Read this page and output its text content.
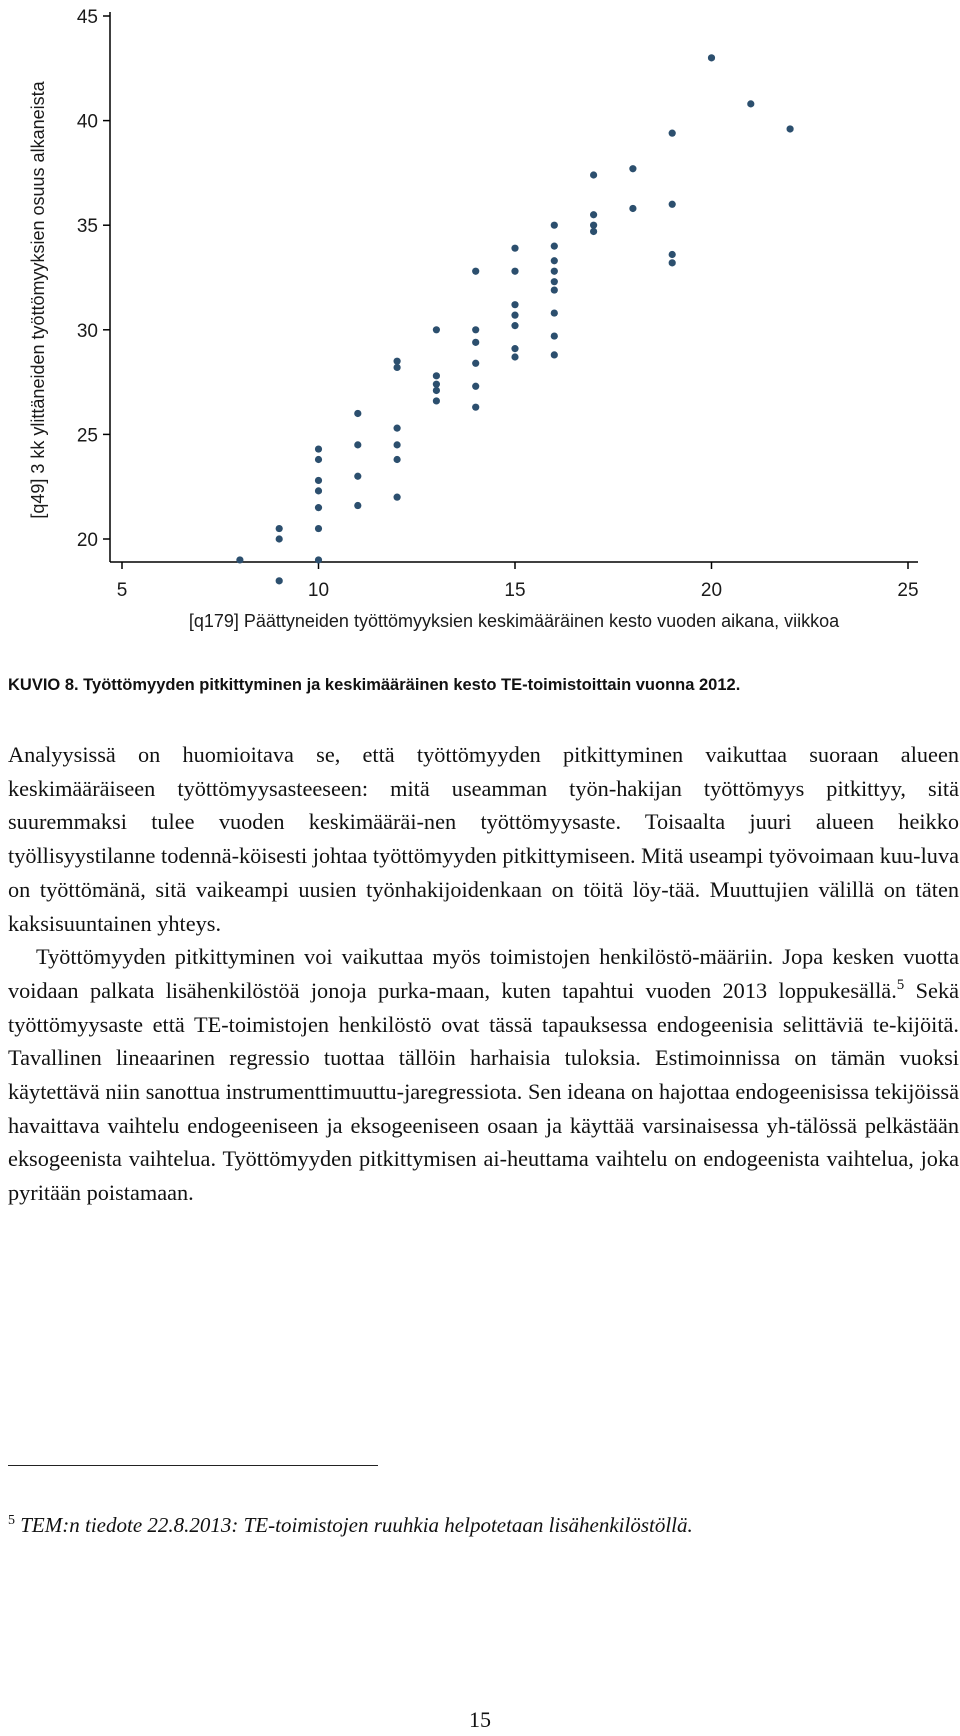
20
25
30
35
40
45
5	10	15	20	25
[q49] 3 kk ylittäneiden työttömyyksien osuus alkaneista
[q179] Päättyneiden työttömyyksien keskimääräinen kesto vuoden aikana, viikkoa
KUVIO 8. Työttömyyden pitkittyminen ja keskimääräinen kesto TE-toimistoittain vuonna 2012.

Analyysissä on huomioitava se, että työttömyyden pitkittyminen vaikuttaa suoraan alueen keskimääräiseen työttömyysasteeseen: mitä useamman työn-hakijan työttömyys pitkittyy, sitä suuremmaksi tulee vuoden keskimääräi-nen työttömyysaste. Toisaalta juuri alueen heikko työllisyystilanne todennä-köisesti johtaa työttömyyden pitkittymiseen. Mitä useampi työvoimaan kuu-luva on työttömänä, sitä vaikeampi uusien työnhakijoidenkaan on töitä löy-tää. Muuttujien välillä on täten kaksisuuntainen yhteys.

Työttömyyden pitkittyminen voi vaikuttaa myös toimistojen henkilöstö-määriin. Jopa kesken vuotta voidaan palkata lisähenkilöstöä jonoja purka-maan, kuten tapahtui vuoden 2013 loppukesällä.$^5$ Sekä työttömyysaste että TE-toimistojen henkilöstö ovat tässä tapauksessa endogeenisia selittäviä te-kijöitä. Tavallinen lineaarinen regressio tuottaa tällöin harhaisia tuloksia. Estimoinnissa on tämän vuoksi käytettävä niin sanottua instrumenttimuuttu-jaregressiota. Sen ideana on hajottaa endogeenisissa tekijöissä havaittava vaihtelu endogeeniseen ja eksogeeniseen osaan ja käyttää varsinaisessa yh-tälössä pelkästään eksogeenista vaihtelua. Työttömyyden pitkittymisen ai-heuttama vaihtelu on endogeenista vaihtelua, joka pyritään poistamaan.

$^5$ TEM:n tiedote 22.8.2013: TE-toimistojen ruuhkia helpotetaan lisähenkilöstöllä.
15
